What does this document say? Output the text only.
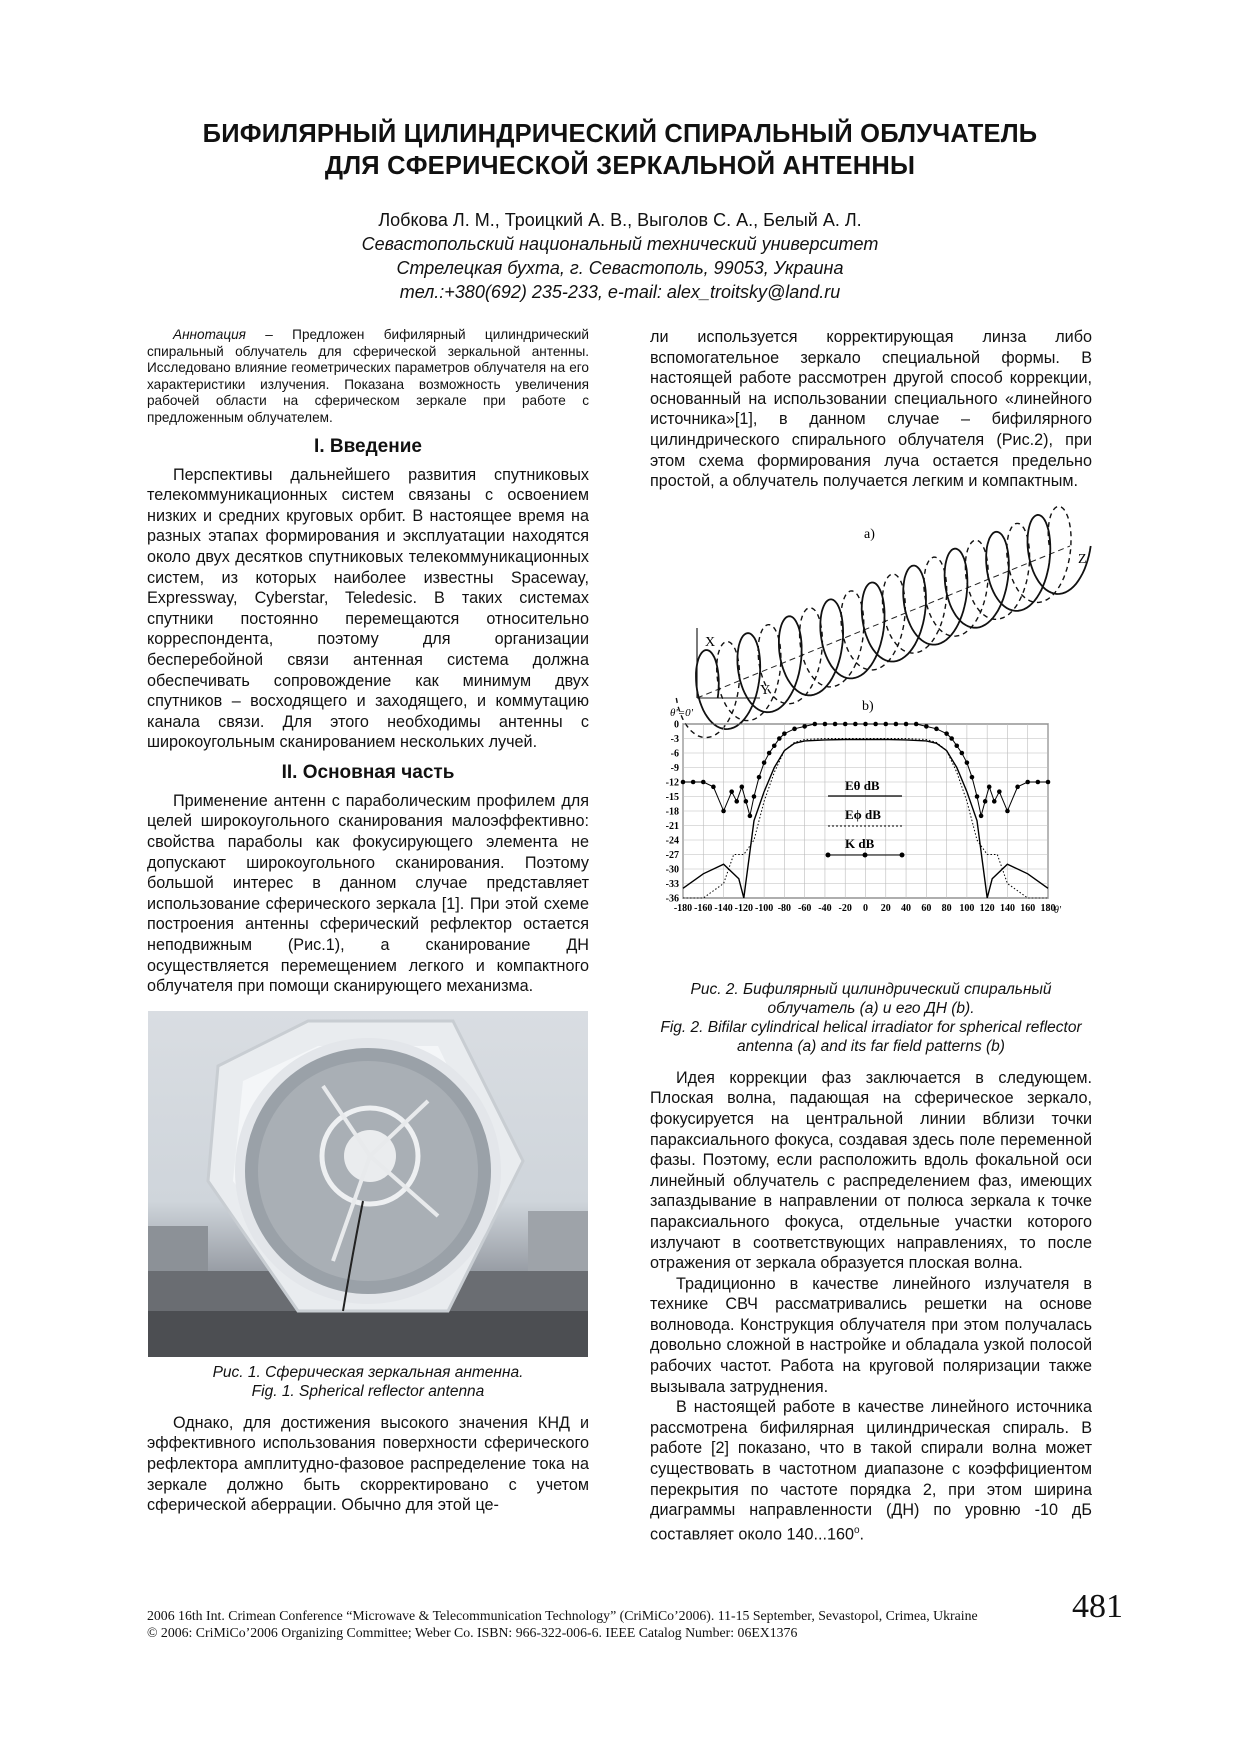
БИФИЛЯРНЫЙ ЦИЛИНДРИЧЕСКИЙ СПИРАЛЬНЫЙ ОБЛУЧАТЕЛЬ
ДЛЯ СФЕРИЧЕСКОЙ ЗЕРКАЛЬНОЙ АНТЕННЫ
Лобкова Л. М., Троицкий А. В., Выголов С. А., Белый А. Л.
Севастопольский национальный технический университет
Стрелецкая бухта, г. Севастополь, 99053, Украина
тел.:+380(692) 235-233, e-mail: alex_troitsky@land.ru

Аннотация – Предложен бифилярный цилиндрический спиральный облучатель для сферической зеркальной антенны. Исследовано влияние геометрических параметров облучателя на его характеристики излучения. Показана возможность увеличения рабочей области на сферическом зеркале при работе с предложенным облучателем.

I. Введение

Перспективы дальнейшего развития спутниковых телекоммуникационных систем связаны с освоением низких и средних круговых орбит. В настоящее время на разных этапах формирования и эксплуатации находятся около двух десятков спутниковых телекоммуникационных систем, из которых наиболее известны Spaceway, Expressway, Cyberstar, Teledesic. В таких системах спутники постоянно перемещаются относительно корреспондента, поэтому для организации бесперебойной связи антенная система должна обеспечивать сопровождение как минимум двух спутников – восходящего и заходящего, и коммутацию канала связи. Для этого необходимы антенны с широкоугольным сканированием нескольких лучей.

II. Основная часть

Применение антенн с параболическим профилем для целей широкоугольного сканирования малоэффективно: свойства параболы как фокусирующего элемента не допускают широкоугольного сканирования. Поэтому большой интерес в данном случае представляет использование сферического зеркала [1]. При этой схеме построения антенны сферический рефлектор остается неподвижным (Рис.1), а сканирование ДН осуществляется перемещением легкого и компактного облучателя при помощи сканирующего механизма.

Рис. 1. Сферическая зеркальная антенна.

Fig. 1. Spherical reflector antenna

Однако, для достижения высокого значения КНД и эффективного использования поверхности сферического рефлектора амплитудно-фазовое распределение тока на зеркале должно быть скорректировано с учетом сферической аберрации. Обычно для этой це-

ли используется корректирующая линза либо вспомогательное зеркало специальной формы. В настоящей работе рассмотрен другой способ коррекции, основанный на использовании специального «линейного источника»[1], в данном случае – бифилярного цилиндрического спирального облучателя (Рис.2), при этом схема формирования луча остается предельно простой, а облучатель получается легким и компактным.

a)
Z
X
Y
θ'=0'	b)
-180 -160 -140 -120 -100 -80 -60 -40 -20 0 20 40 60 80 100 120 140 160 180
0
-3
-6
-9
-12
-15
-18
-21
-24
-27
-30
-33
-36
θ'
Eθ dB
Eϕ dB
K dB

Рис. 2. Бифилярный цилиндрический спиральный облучатель (a) и его ДН (b).

Fig. 2. Bifilar cylindrical helical irradiator for spherical reflector antenna (a) and its far field patterns (b)

Идея коррекции фаз заключается в следующем. Плоская волна, падающая на сферическое зеркало, фокусируется на центральной линии вблизи точки параксиального фокуса, создавая здесь поле переменной фазы. Поэтому, если расположить вдоль фокальной оси линейный облучатель с распределением фаз, имеющих запаздывание в направлении от полюса зеркала к точке параксиального фокуса, отдельные участки которого излучают в соответствующих направлениях, то после отражения от зеркала образуется плоская волна.

Традиционно в качестве линейного излучателя в технике СВЧ рассматривались решетки на основе волновода. Конструкция облучателя при этом получалась довольно сложной в настройке и обладала узкой полосой рабочих частот. Работа на круговой поляризации также вызывала затруднения.

В настоящей работе в качестве линейного источника рассмотрена бифилярная цилиндрическая спираль. В работе [2] показано, что в такой спирали волна может существовать в частотном диапазоне с коэффициентом перекрытия по частоте порядка 2, при этом ширина диаграммы направленности (ДН) по уровню -10 дБ составляет около 140...160$^o$.

2006 16th Int. Crimean Conference “Microwave & Telecommunication Technology” (CriMiCo’2006). 11-15 September, Sevastopol, Crimea, Ukraine
© 2006: CriMiCo’2006 Organizing Committee; Weber Co. ISBN: 966-322-006-6. IEEE Catalog Number: 06EX1376
481
